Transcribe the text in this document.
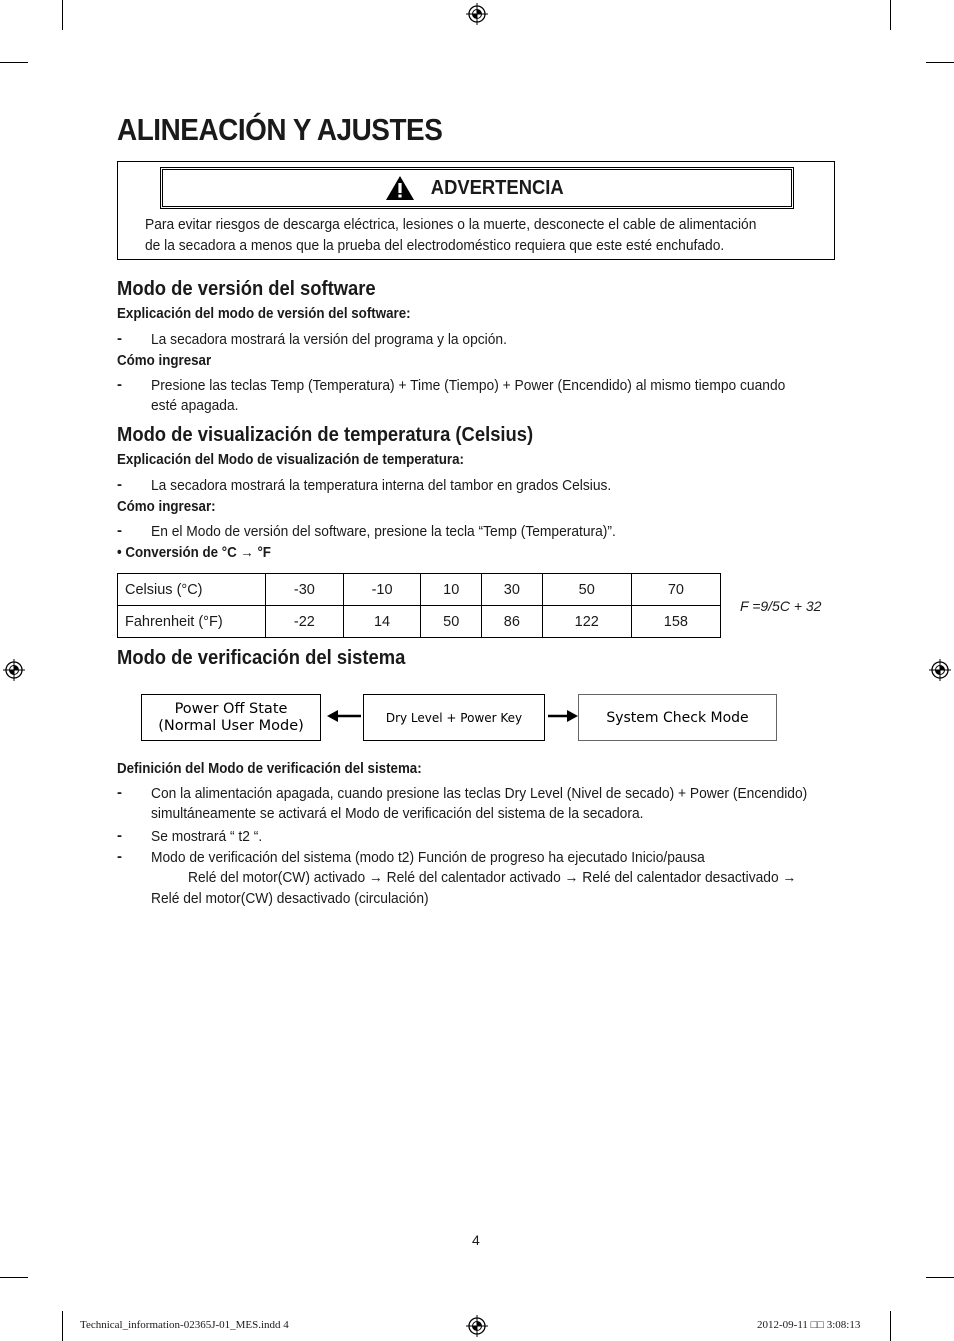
ALINEACIÓN Y AJUSTES
ADVERTENCIA
Para evitar riesgos de descarga eléctrica, lesiones o la muerte, desconecte el cable de alimentación
de la secadora a menos que la prueba del electrodoméstico requiera que este esté enchufado.
Modo de versión del software
Explicación del modo de versión del software:
- La secadora mostrará la versión del programa y la opción.
Cómo ingresar
- Presione las teclas Temp (Temperatura) + Time (Tiempo) + Power (Encendido) al mismo tiempo cuando
esté apagada.
Modo de visualización de temperatura (Celsius)
Explicación del Modo de visualización de temperatura:
- La secadora mostrará la temperatura interna del tambor en grados Celsius.
Cómo ingresar:
- En el Modo de versión del software, presione la tecla “Temp (Temperatura)”.
• Conversión de °C → °F
Celsius (°C)	-30	-10	10	30	50	70
Fahrenheit (°F)	-22	14	50	86	122	158
F =9/5C + 32
Modo de verificación del sistema
Power Off State
(Normal User Mode)	Dry Level + Power Key	System Check Mode
Definición del Modo de verificación del sistema:
- Con la alimentación apagada, cuando presione las teclas Dry Level (Nivel de secado) + Power (Encendido)
simultáneamente se activará el Modo de verificación del sistema de la secadora.
- Se mostrará “ t2 “.
- Modo de verificación del sistema (modo t2) Función de progreso ha ejecutado Inicio/pausa
Relé del motor(CW) activado → Relé del calentador activado → Relé del calentador desactivado →
Relé del motor(CW) desactivado (circulación)
4
Technical_information-02365J-01_MES.indd 4	2012-09-11 □□ 3:08:13
